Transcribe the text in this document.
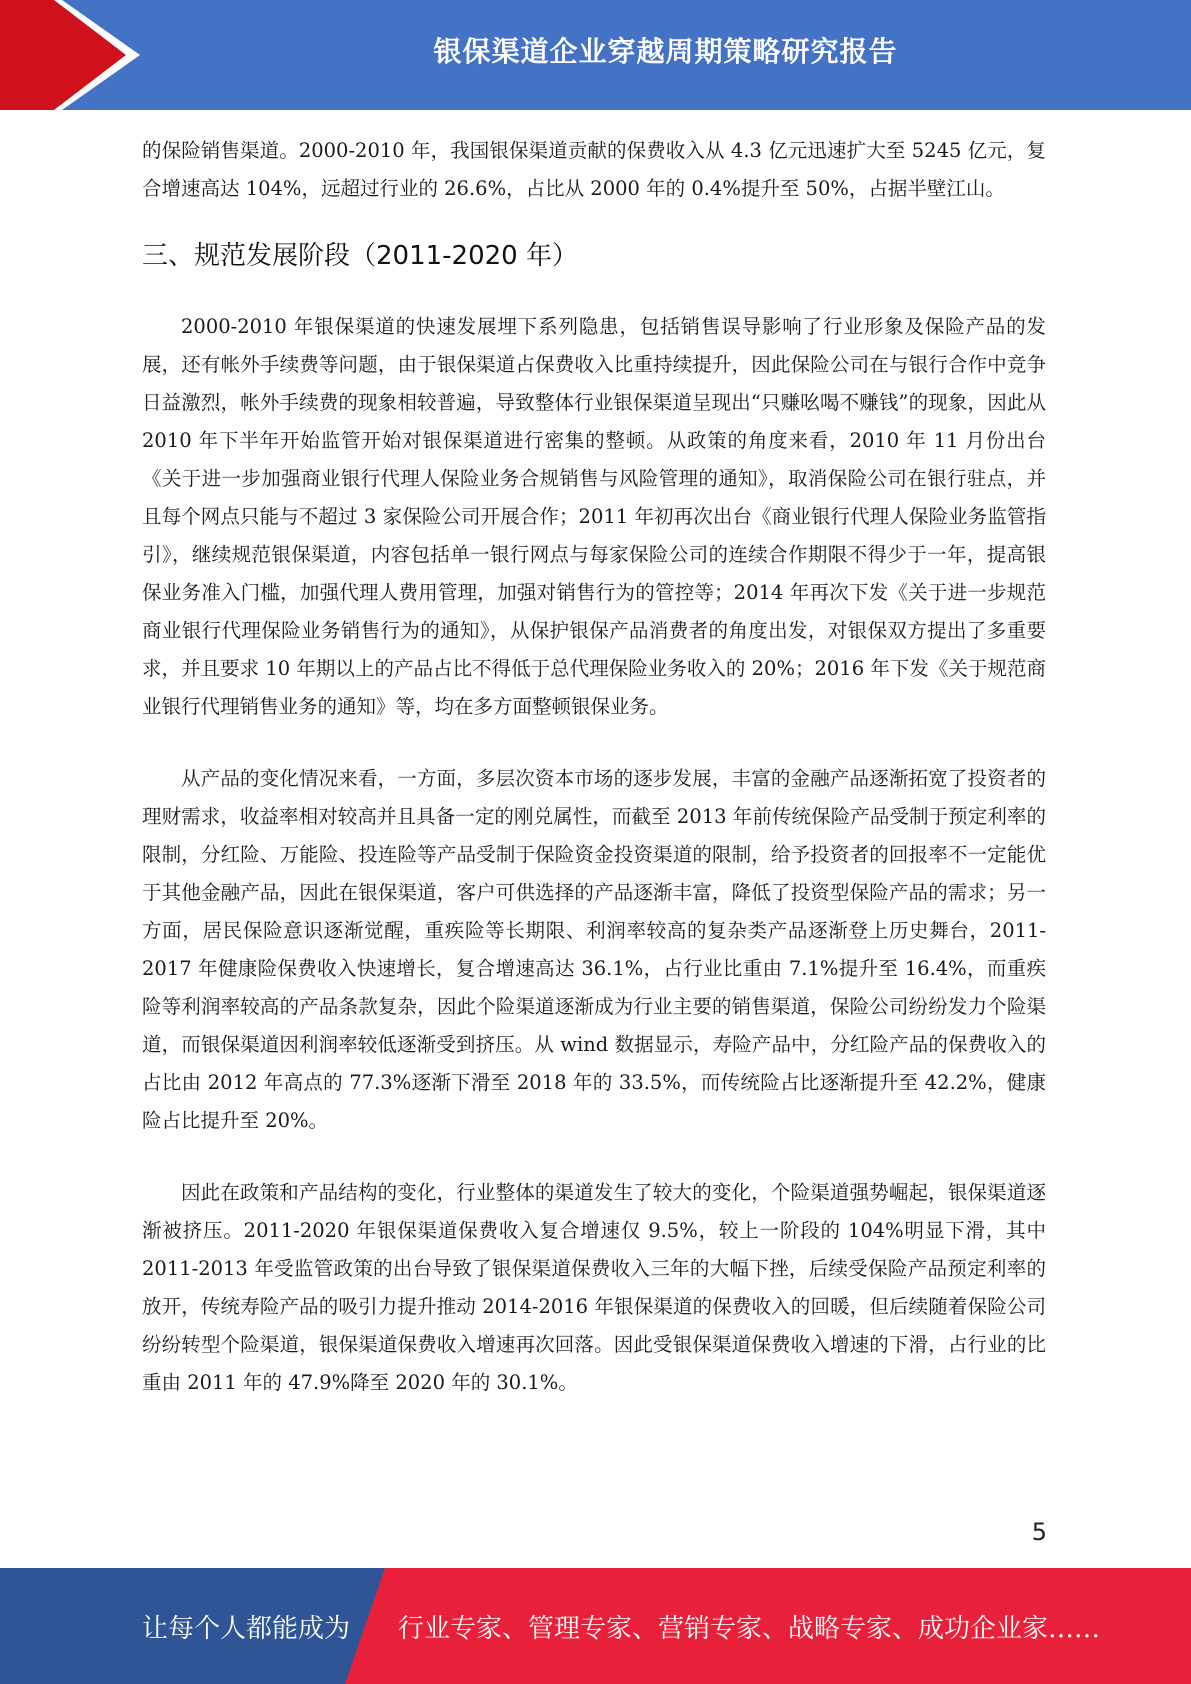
银保渠道企业穿越周期策略研究报告

的保险销售渠道。2000-2010 年，我国银保渠道贡献的保费收入从 4.3 亿元迅速扩大至 5245 亿元，复合增速高达 104%，远超过行业的 26.6%，占比从 2000 年的 0.4%提升至 50%，占据半壁江山。

三、规范发展阶段（2011-2020 年）

2000-2010 年银保渠道的快速发展埋下系列隐患，包括销售误导影响了行业形象及保险产品的发展，还有帐外手续费等问题，由于银保渠道占保费收入比重持续提升，因此保险公司在与银行合作中竞争日益激烈，帐外手续费的现象相较普遍，导致整体行业银保渠道呈现出“只赚吆喝不赚钱”的现象，因此从 2010 年下半年开始监管开始对银保渠道进行密集的整顿。从政策的角度来看，2010 年 11 月份出台《关于进一步加强商业银行代理人保险业务合规销售与风险管理的通知》，取消保险公司在银行驻点，并且每个网点只能与不超过 3 家保险公司开展合作；2011 年初再次出台《商业银行代理人保险业务监管指引》，继续规范银保渠道，内容包括单一银行网点与每家保险公司的连续合作期限不得少于一年，提高银保业务准入门槛，加强代理人费用管理，加强对销售行为的管控等；2014 年再次下发《关于进一步规范商业银行代理保险业务销售行为的通知》，从保护银保产品消费者的角度出发，对银保双方提出了多重要求，并且要求 10 年期以上的产品占比不得低于总代理保险业务收入的 20%；2016 年下发《关于规范商业银行代理销售业务的通知》等，均在多方面整顿银保业务。

从产品的变化情况来看，一方面，多层次资本市场的逐步发展，丰富的金融产品逐渐拓宽了投资者的理财需求，收益率相对较高并且具备一定的刚兑属性，而截至 2013 年前传统保险产品受制于预定利率的限制，分红险、万能险、投连险等产品受制于保险资金投资渠道的限制，给予投资者的回报率不一定能优于其他金融产品，因此在银保渠道，客户可供选择的产品逐渐丰富，降低了投资型保险产品的需求；另一方面，居民保险意识逐渐觉醒，重疾险等长期限、利润率较高的复杂类产品逐渐登上历史舞台，2011-2017 年健康险保费收入快速增长，复合增速高达 36.1%，占行业比重由 7.1%提升至 16.4%，而重疾险等利润率较高的产品条款复杂，因此个险渠道逐渐成为行业主要的销售渠道，保险公司纷纷发力个险渠道，而银保渠道因利润率较低逐渐受到挤压。从 wind 数据显示，寿险产品中，分红险产品的保费收入的占比由 2012 年高点的 77.3%逐渐下滑至 2018 年的 33.5%，而传统险占比逐渐提升至 42.2%，健康险占比提升至 20%。

因此在政策和产品结构的变化，行业整体的渠道发生了较大的变化，个险渠道强势崛起，银保渠道逐渐被挤压。2011-2020 年银保渠道保费收入复合增速仅 9.5%，较上一阶段的 104%明显下滑，其中 2011-2013 年受监管政策的出台导致了银保渠道保费收入三年的大幅下挫，后续受保险产品预定利率的放开，传统寿险产品的吸引力提升推动 2014-2016 年银保渠道的保费收入的回暖，但后续随着保险公司纷纷转型个险渠道，银保渠道保费收入增速再次回落。因此受银保渠道保费收入增速的下滑，占行业的比重由 2011 年的 47.9%降至 2020 年的 30.1%。

5
让每个人都能成为 行业专家、管理专家、营销专家、战略专家、成功企业家……
